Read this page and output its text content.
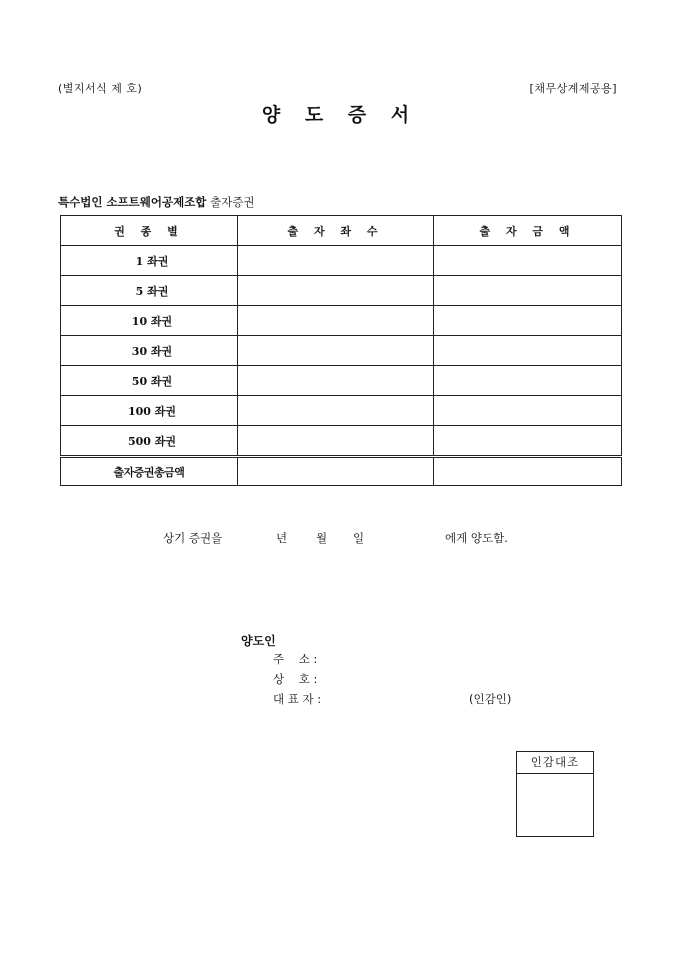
(별지서식 제 호)	[채무상계제공용]
양 도 증 서
특수법인 소프트웨어공제조합 출자증권
권 종 별	출 자 좌 수	출 자 금 액
1 좌권		
5 좌권		
10 좌권		
30 좌권		
50 좌권		
100 좌권		
500 좌권		
출자증권총금액		
상기 증권을	년	월 일	에게 양도함.
양도인
주    소 :
상    호 :
대 표 자 :	(인감인)
인감대조
